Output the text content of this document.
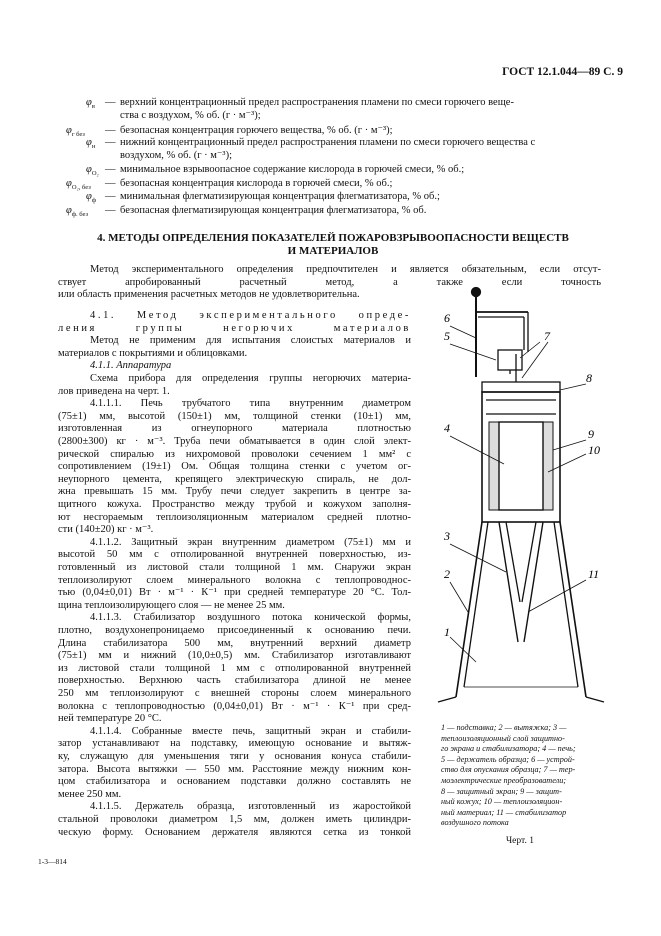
ГОСТ 12.1.044—89 С. 9
$\varphi_в$ — верхний концентрационный предел распространения пламени по смеси горючего веще-
ства с воздухом, % об. (г · м⁻³);
$\varphi_{г без}$ — безопасная концентрация горючего вещества, % об. (г · м⁻³);
$\varphi_н$ — нижний концентрационный предел распространения пламени по смеси горючего вещества с
воздухом, % об. (г · м⁻³);
$\varphi_{O_2}$ — минимальное взрывоопасное содержание кислорода в горючей смеси, % об.;
$\varphi_{O_2, без}$ — безопасная концентрация кислорода в горючей смеси, % об.;
$\varphi_ф$ — минимальная флегматизирующая концентрация флегматизатора, % об.;
$\varphi_{ф. без}$ — безопасная флегматизирующая концентрация флегматизатора, % об.
4. МЕТОДЫ ОПРЕДЕЛЕНИЯ ПОКАЗАТЕЛЕЙ ПОЖАРОВЗРЫВООПАСНОСТИ ВЕЩЕСТВ
И МАТЕРИАЛОВ
Метод экспериментального определения предпочтителен и является обязательным, если отсут-
ствует апробированный расчетный метод, а также если точность
или область применения расчетных методов не удовлетворительна.
4.1. Метод экспериментального опреде-
ления группы негорючих материалов
Метод не применим для испытания слоистых материалов и
материалов с покрытиями и облицовками.
4.1.1. Аппаратура
Схема прибора для определения группы негорючих материа-
лов приведена на черт. 1.
4.1.1.1. Печь трубчатого типа внутренним диаметром
(75±1) мм, высотой (150±1) мм, толщиной стенки (10±1) мм,
изготовленная из огнеупорного материала плотностью
(2800±300) кг · м⁻³. Труба печи обматывается в один слой элект-
рической спиралью из нихромовой проволоки сечением 1 мм² с
сопротивлением (19±1) Ом. Общая толщина стенки с учетом ог-
неупорного цемента, крепящего электрическую спираль, не дол-
жна превышать 15 мм. Трубу печи следует закрепить в центре за-
щитного кожуха. Пространство между трубой и кожухом заполня-
ют несгораемым теплоизоляционным материалом средней плотно-
сти (140±20) кг · м⁻³.
4.1.1.2. Защитный экран внутренним диаметром (75±1) мм и
высотой 50 мм с отполированной внутренней поверхностью, из-
готовленный из листовой стали толщиной 1 мм. Снаружи экран
теплоизолируют слоем минерального волокна с теплопроводнос-
тью (0,04±0,01) Вт · м⁻¹ · К⁻¹ при средней температуре 20 °С. Тол-
щина теплоизолирующего слоя — не менее 25 мм.
4.1.1.3. Стабилизатор воздушного потока конической формы,
плотно, воздухонепроницаемо присоединенный к основанию печи.
Длина стабилизатора 500 мм, внутренний верхний диаметр
(75±1) мм и нижний (10,0±0,5) мм. Стабилизатор изготавливают
из листовой стали толщиной 1 мм с отполированной внутренней
поверхностью. Верхнюю часть стабилизатора длиной не менее
250 мм теплоизолируют с внешней стороны слоем минерального
волокна с теплопроводностью (0,04±0,01) Вт · м⁻¹ · К⁻¹ при сред-
ней температуре 20 °С.
4.1.1.4. Собранные вместе печь, защитный экран и стабили-
затор устанавливают на подставку, имеющую основание и вытяж-
ку, служащую для уменьшения тяги у основания конуса стабили-
затора. Высота вытяжки — 550 мм. Расстояние между нижним кон-
цом стабилизатора и основанием подставки должно составлять не
менее 250 мм.
4.1.1.5. Держатель образца, изготовленный из жаростойкой
стальной проволоки диаметром 1,5 мм, должен иметь цилиндри-
ческую форму. Основанием держателя являются сетка из тонкой
1
2
3
4
5
6
7
8
9
10
11
1 — подставка; 2 — вытяжка; 3 —
теплоизоляционный слой защитно-
го экрана и стабилизатора; 4 — печь;
5 — держатель образца; 6 — устрой-
ство для опускания образца; 7 — тер-
моэлектрические преобразователи;
8 — защитный экран; 9 — защит-
ный кожух; 10 — теплоизоляцион-
ный материал; 11 — стабилизатор
воздушного потока
Черт. 1
1-3—814
